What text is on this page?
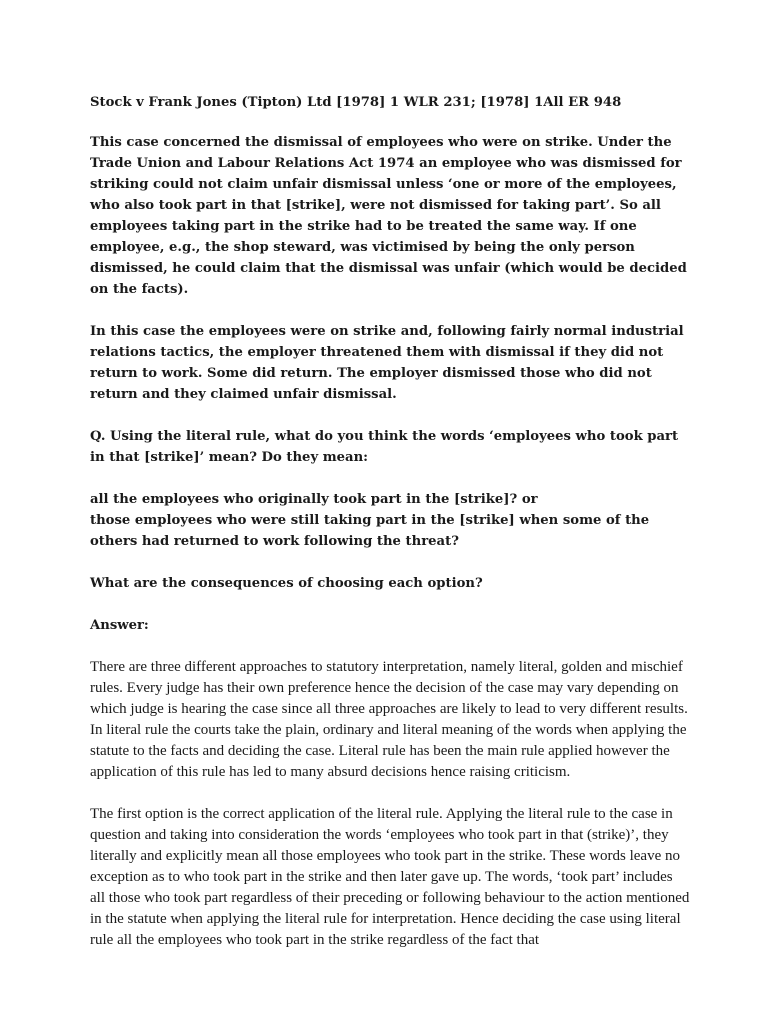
Stock v Frank Jones (Tipton) Ltd [1978] 1 WLR 231; [1978] 1All ER 948

This case concerned the dismissal of employees who were on strike. Under the Trade Union and Labour Relations Act 1974 an employee who was dismissed for striking could not claim unfair dismissal unless ‘one or more of the employees, who also took part in that [strike], were not dismissed for taking part’. So all employees taking part in the strike had to be treated the same way. If one employee, e.g., the shop steward, was victimised by being the only person dismissed, he could claim that the dismissal was unfair (which would be decided on the facts).

In this case the employees were on strike and, following fairly normal industrial relations tactics, the employer threatened them with dismissal if they did not return to work. Some did return. The employer dismissed those who did not return and they claimed unfair dismissal.

Q. Using the literal rule, what do you think the words ‘employees who took part in that [strike]’ mean? Do they mean:

all the employees who originally took part in the [strike]? or

those employees who were still taking part in the [strike] when some of the others had returned to work following the threat?

What are the consequences of choosing each option?

Answer:

There are three different approaches to statutory interpretation, namely literal, golden and mischief rules. Every judge has their own preference hence the decision of the case may vary depending on which judge is hearing the case since all three approaches are likely to lead to very different results. In literal rule the courts take the plain, ordinary and literal meaning of the words when applying the statute to the facts and deciding the case. Literal rule has been the main rule applied however the application of this rule has led to many absurd decisions hence raising criticism.

The first option is the correct application of the literal rule. Applying the literal rule to the case in question and taking into consideration the words ‘employees who took part in that (strike)’, they literally and explicitly mean all those employees who took part in the strike. These words leave no exception as to who took part in the strike and then later gave up. The words, ‘took part’ includes all those who took part regardless of their preceding or following behaviour to the action mentioned in the statute when applying the literal rule for interpretation. Hence deciding the case using literal rule all the employees who took part in the strike regardless of the fact that
